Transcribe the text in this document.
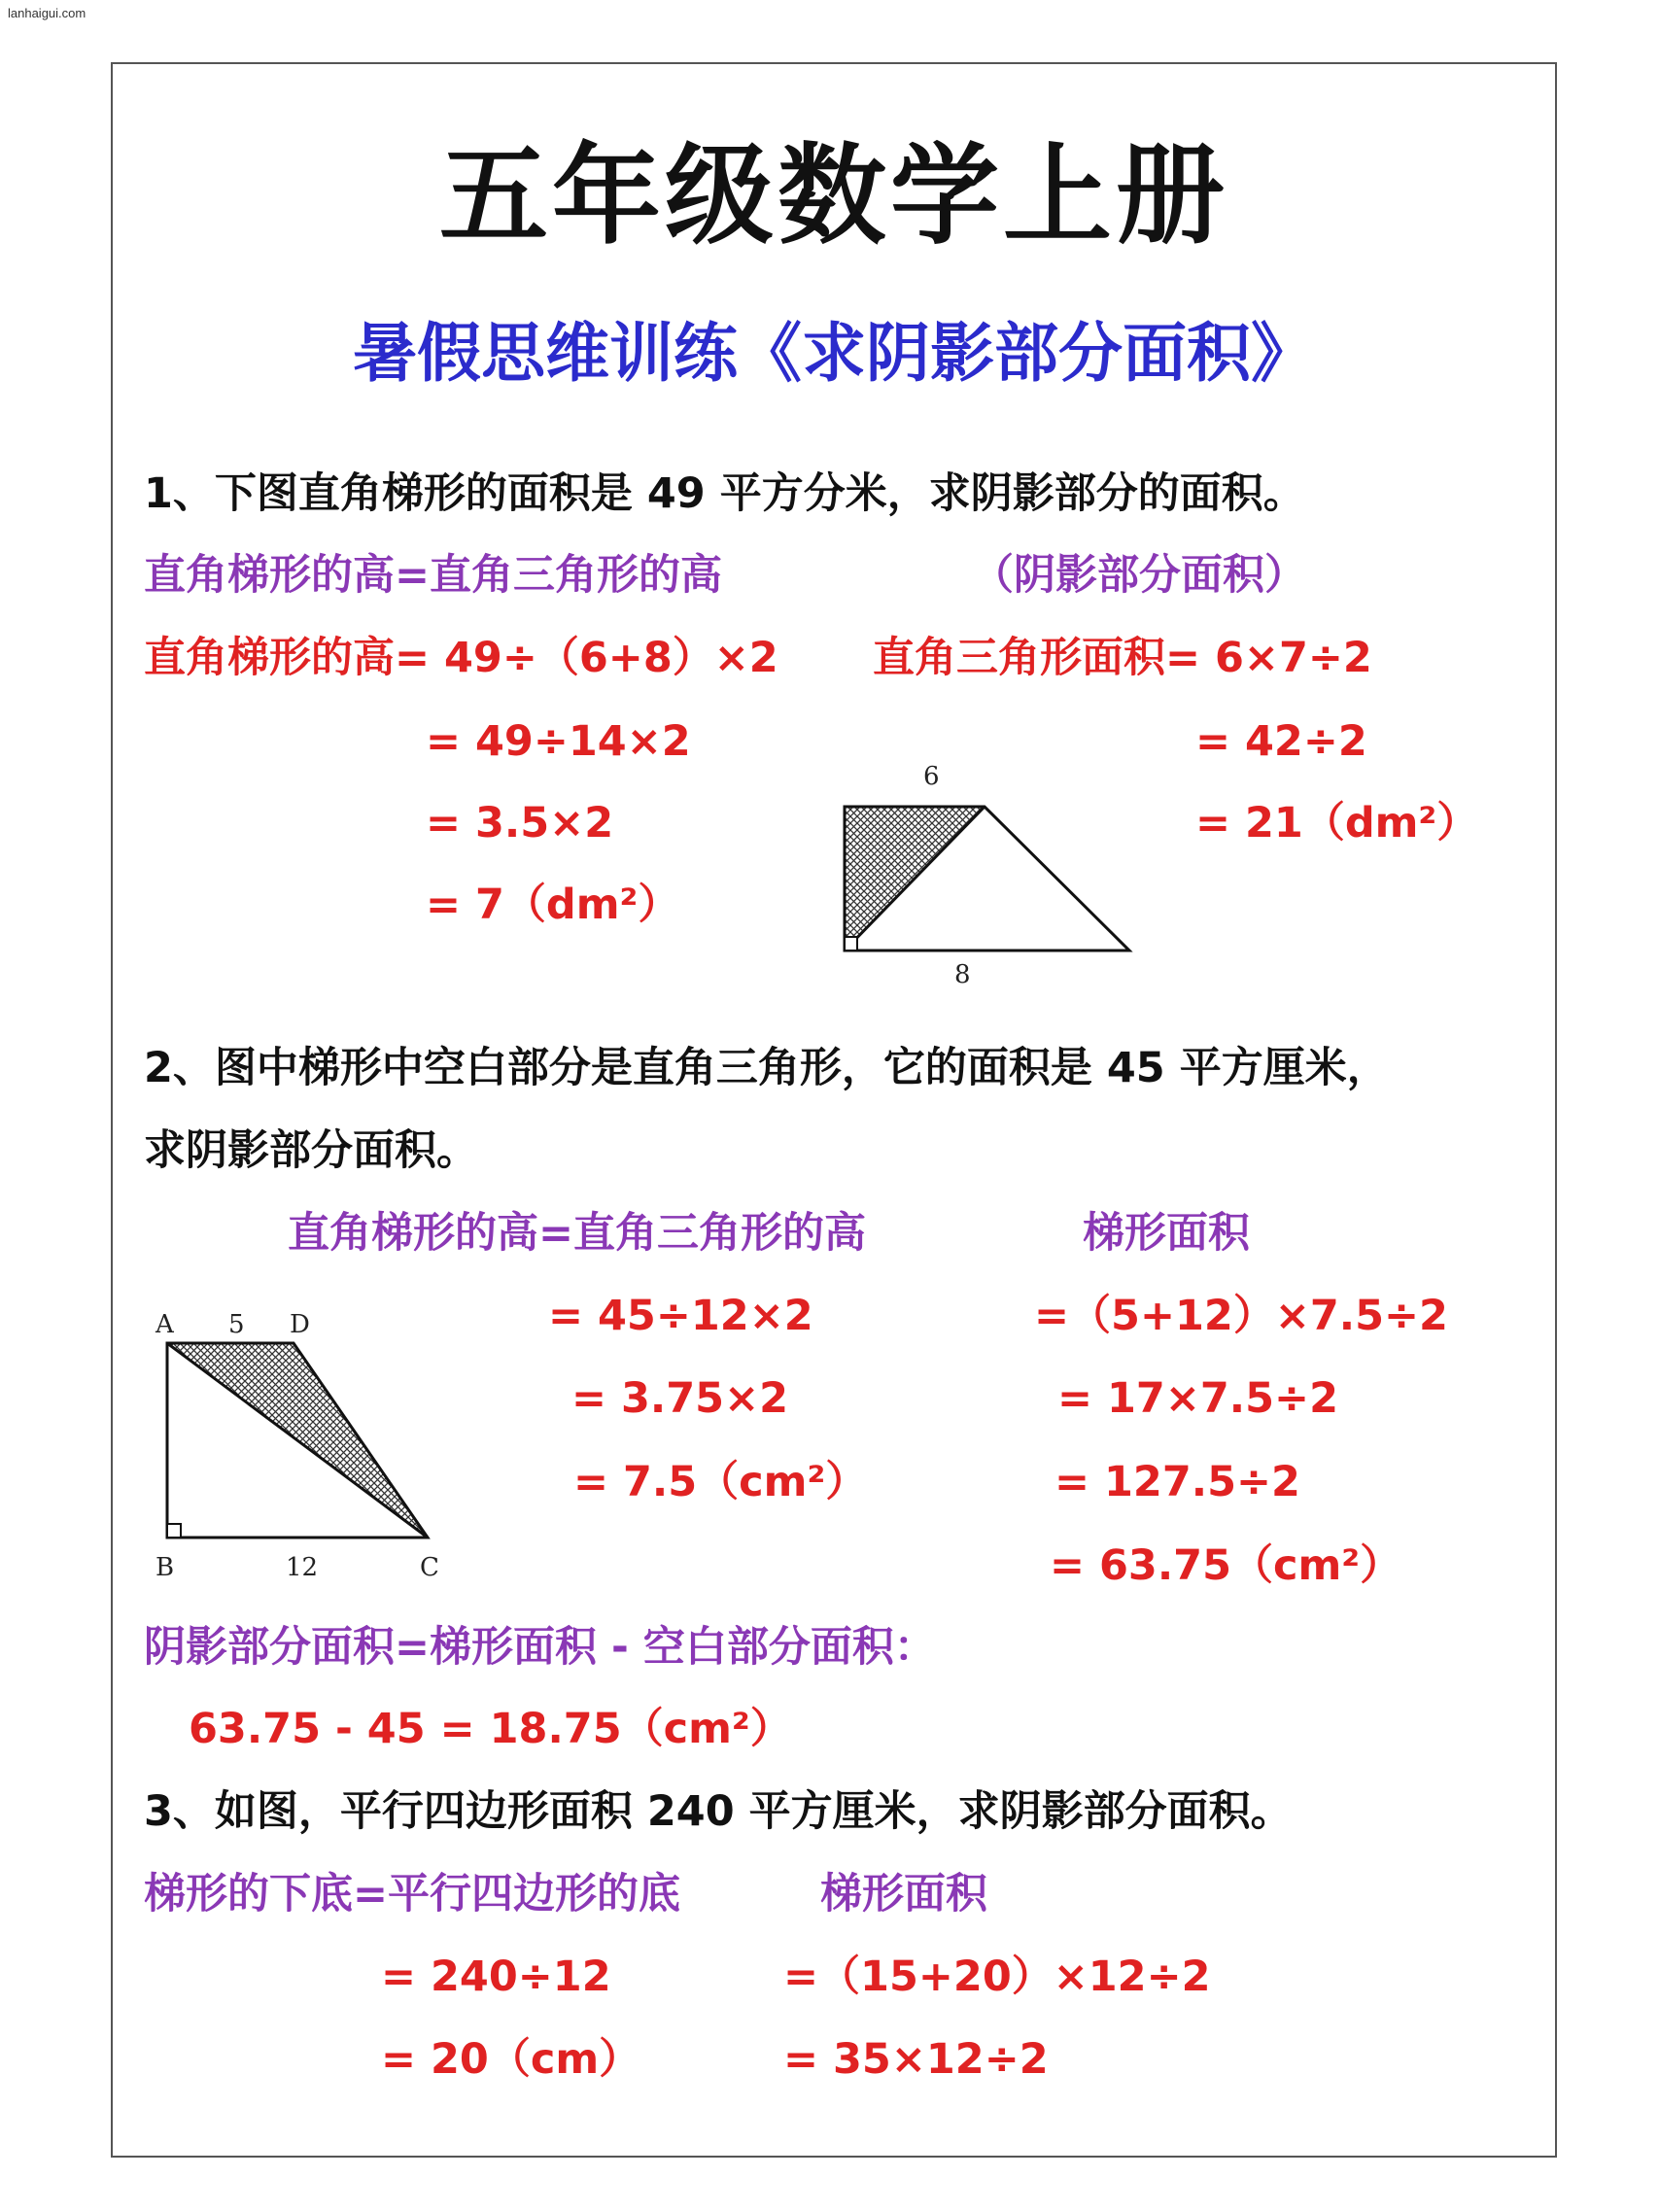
lanhaigui.com
五年级数学上册
暑假思维训练《求阴影部分面积》
1、下图直角梯形的面积是 49 平方分米，求阴影部分的面积。
直角梯形的高=直角三角形的高	（阴影部分面积）
直角梯形的高= 49÷（6+8）×2
= 49÷14×2
= 3.5×2
= 7（dm²）
直角三角形面积= 6×7÷2
= 42÷2
= 21（dm²）
6
8
2、图中梯形中空白部分是直角三角形，它的面积是 45 平方厘米，
求阴影部分面积。
直角梯形的高=直角三角形的高	梯形面积
= 45÷12×2
= 3.75×2
= 7.5（cm²）
=（5+12）×7.5÷2
= 17×7.5÷2
= 127.5÷2
= 63.75（cm²）
A 5 D
B	12	C
阴影部分面积=梯形面积 - 空白部分面积：
63.75 - 45 = 18.75（cm²）
3、如图，平行四边形面积 240 平方厘米，求阴影部分面积。
梯形的下底=平行四边形的底	梯形面积
= 240÷12
= 20（cm）
=（15+20）×12÷2
= 35×12÷2
